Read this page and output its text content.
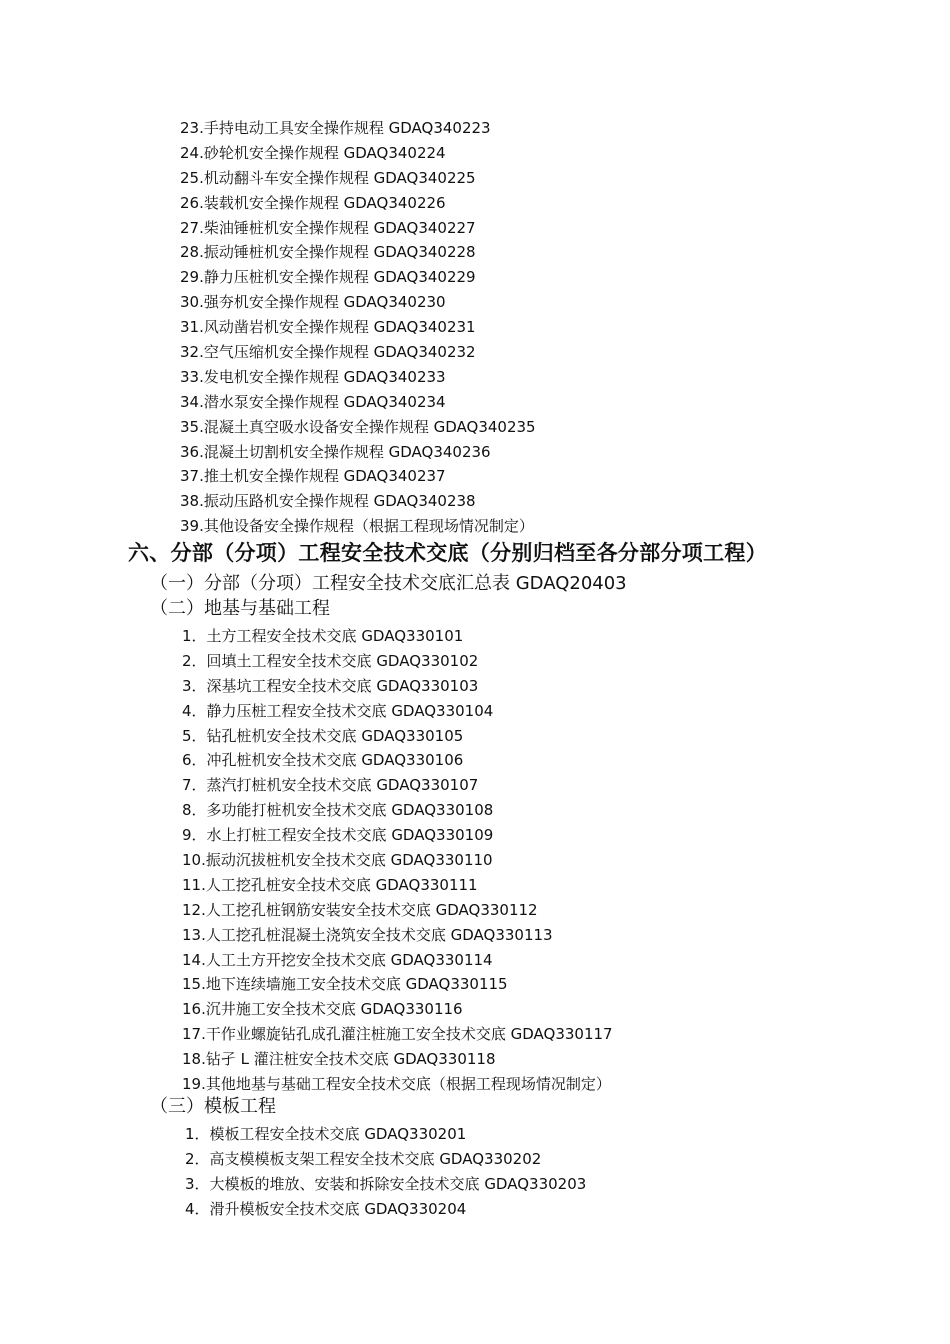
23.手持电动工具安全操作规程 GDAQ340223
24.砂轮机安全操作规程 GDAQ340224
25.机动翻斗车安全操作规程 GDAQ340225
26.装载机安全操作规程 GDAQ340226
27.柴油锤桩机安全操作规程 GDAQ340227
28.振动锤桩机安全操作规程 GDAQ340228
29.静力压桩机安全操作规程 GDAQ340229
30.强夯机安全操作规程 GDAQ340230
31.风动凿岩机安全操作规程 GDAQ340231
32.空气压缩机安全操作规程 GDAQ340232
33.发电机安全操作规程 GDAQ340233
34.潜水泵安全操作规程 GDAQ340234
35.混凝土真空吸水设备安全操作规程 GDAQ340235
36.混凝土切割机安全操作规程 GDAQ340236
37.推土机安全操作规程 GDAQ340237
38.振动压路机安全操作规程 GDAQ340238
39.其他设备安全操作规程（根据工程现场情况制定）
六、分部（分项）工程安全技术交底（分别归档至各分部分项工程）
（一）分部（分项）工程安全技术交底汇总表 GDAQ20403
（二）地基与基础工程
1．土方工程安全技术交底 GDAQ330101
2．回填土工程安全技术交底 GDAQ330102
3．深基坑工程安全技术交底 GDAQ330103
4．静力压桩工程安全技术交底 GDAQ330104
5．钻孔桩机安全技术交底 GDAQ330105
6．冲孔桩机安全技术交底 GDAQ330106
7．蒸汽打桩机安全技术交底 GDAQ330107
8．多功能打桩机安全技术交底 GDAQ330108
9．水上打桩工程安全技术交底 GDAQ330109
10.振动沉拔桩机安全技术交底 GDAQ330110
11.人工挖孔桩安全技术交底 GDAQ330111
12.人工挖孔桩钢筋安装安全技术交底 GDAQ330112
13.人工挖孔桩混凝土浇筑安全技术交底 GDAQ330113
14.人工土方开挖安全技术交底 GDAQ330114
15.地下连续墙施工安全技术交底 GDAQ330115
16.沉井施工安全技术交底 GDAQ330116
17.干作业螺旋钻孔成孔灌注桩施工安全技术交底 GDAQ330117
18.钻孑 L 灌注桩安全技术交底 GDAQ330118
19.其他地基与基础工程安全技术交底（根据工程现场情况制定）
（三）模板工程
1．模板工程安全技术交底 GDAQ330201
2．高支模模板支架工程安全技术交底 GDAQ330202
3．大模板的堆放、安装和拆除安全技术交底 GDAQ330203
4．滑升模板安全技术交底 GDAQ330204
